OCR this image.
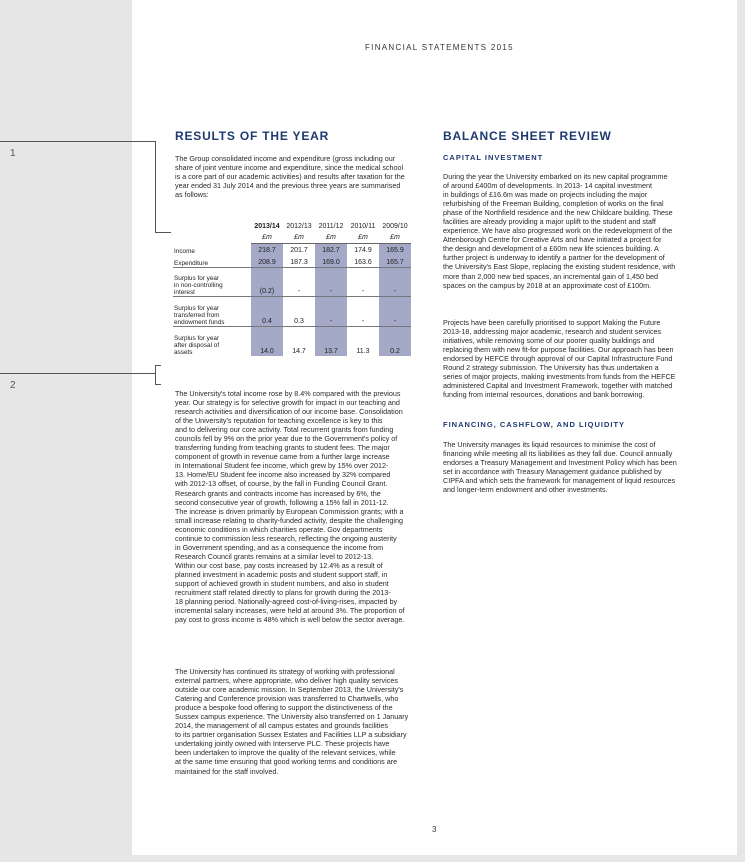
FINANCIAL STATEMENTS 2015
1
2
RESULTS OF THE YEAR

The Group consolidated income and expenditure (gross including our
share of joint venture income and expenditure, since the medical school
is a core part of our academic activities) and results after taxation for the
year ended 31 July 2014 and the previous three years are summarised
as follows:

	2013/14	2012/13	2011/12	2010/11	2009/10
	£m	£m	£m	£m	£m
Income	218.7	201.7	182.7	174.9	165.9
Expenditure	208.9	187.3	169.0	163.6	165.7
Surplus for year
in non-controlling
interest	(0.2)	-	-	-	-
Surplus for year
transferred from
endowment funds	0.4	0.3	-	-	-
Surplus for year
after disposal of
assets	14.0	14.7	13.7	11.3	0.2

The University's total income rose by 8.4% compared with the previous
year. Our strategy is for selective growth for impact in our teaching and
research activities and diversification of our income base. Consolidation
of the University's reputation for teaching excellence is key to this
and to delivering our core activity. Total recurrent grants from funding
councils fell by 9% on the prior year due to the Government's policy of
transferring funding from teaching grants to student fees. The major
component of growth in revenue came from a further large increase
in International Student fee income, which grew by 15% over 2012-
13. Home/EU Student fee income also increased by 32% compared
with 2012-13 offset, of course, by the fall in Funding Council Grant.
Research grants and contracts income has increased by 6%, the
second consecutive year of growth, following a 15% fall in 2011-12.
The increase is driven primarily by European Commission grants; with a
small increase relating to charity-funded activity, despite the challenging
economic conditions in which charities operate. Gov departments
continue to commission less research, reflecting the ongoing austerity
in Government spending, and as a consequence the income from
Research Council grants remains at a similar level to 2012-13.
Within our cost base, pay costs increased by 12.4% as a result of
planned investment in academic posts and student support staff, in
support of achieved growth in student numbers, and also in student
recruitment staff related directly to plans for growth during the 2013-
18 planning period. Nationally-agreed cost-of-living-rises, impacted by
incremental salary increases, were held at around 3%. The proportion of
pay cost to gross income is 48% which is well below the sector average.

The University has continued its strategy of working with professional
external partners, where appropriate, who deliver high quality services
outside our core academic mission. In September 2013, the University's
Catering and Conference provision was transferred to Chartwells, who
produce a bespoke food offering to support the distinctiveness of the
Sussex campus experience. The University also transferred on 1 January
2014, the management of all campus estates and grounds facilities
to its partner organisation Sussex Estates and Facilities LLP a subsidiary
undertaking jointly owned with Interserve PLC. These projects have
been undertaken to improve the quality of the relevant services, while
at the same time ensuring that good working terms and conditions are
maintained for the staff involved.

BALANCE SHEET REVIEW
CAPITAL INVESTMENT

During the year the University embarked on its new capital programme
of around £400m of developments. In 2013- 14 capital investment
in buildings of £16.6m was made on projects including the major
refurbishing of the Freeman Building, completion of works on the final
phase of the Northfield residence and the new Childcare building. These
facilities are already providing a major uplift to the student and staff
experience. We have also progressed work on the redevelopment of the
Attenborough Centre for Creative Arts and have initiated a project for
the design and development of a £60m new life sciences building. A
further project is underway to identify a partner for the development of
the University's East Slope, replacing the existing student residence, with
more than 2,000 new bed spaces, an incremental gain of 1,450 bed
spaces on the campus by 2018 at an approximate cost of £100m.

Projects have been carefully prioritised to support Making the Future
2013-18, addressing major academic, research and student services
initiatives, while removing some of our poorer quality buildings and
replacing them with new fit-for purpose facilities. Our approach has been
endorsed by HEFCE through approval of our Capital Infrastructure Fund
Round 2 strategy submission. The University has thus undertaken a
series of major projects, making investments from funds from the HEFCE
administered Capital and Investment Framework, together with matched
funding from internal resources, donations and bank borrowing.

FINANCING, CASHFLOW, AND LIQUIDITY

The University manages its liquid resources to minimise the cost of
financing while meeting all its liabilities as they fall due. Council annually
endorses a Treasury Management and Investment Policy which has been
set in accordance with Treasury Management guidance published by
CIPFA and which sets the framework for management of liquid resources
and longer-term endowment and other investments.

3
